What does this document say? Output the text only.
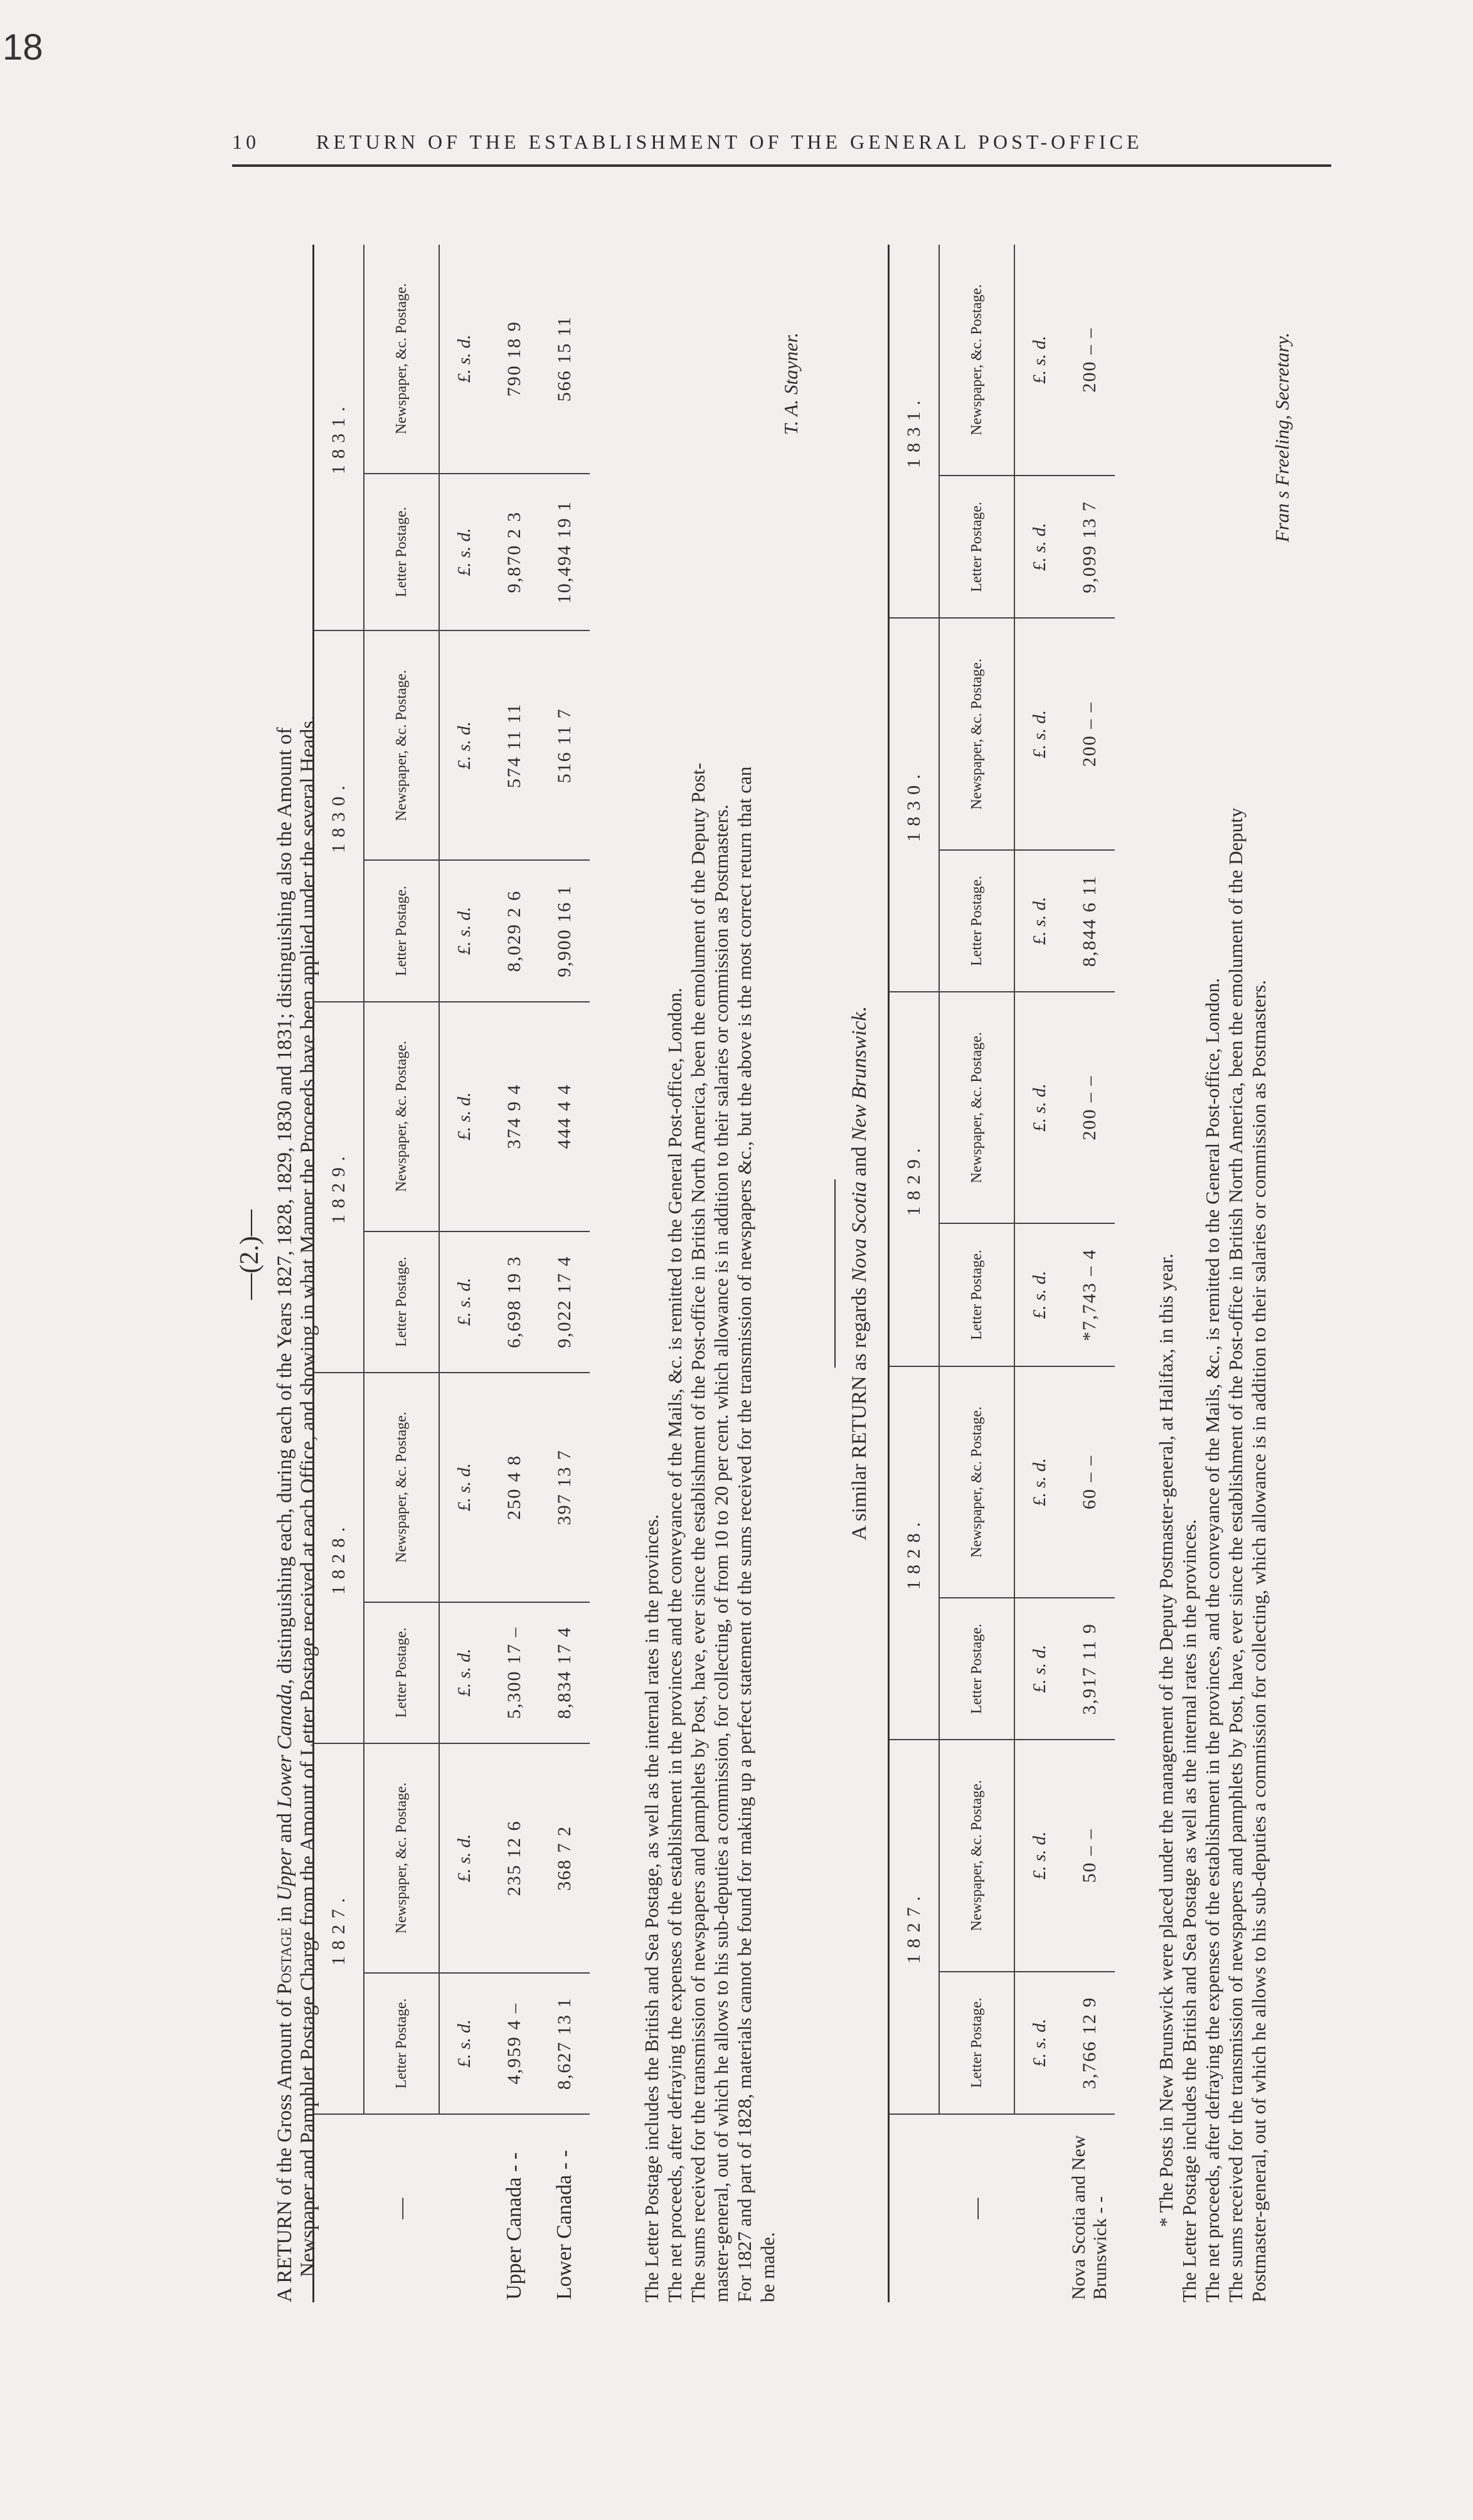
18
10	RETURN OF THE ESTABLISHMENT OF THE GENERAL POST-OFFICE
—(2.)—
A RETURN of the Gross Amount of Postage in Upper and Lower Canada, distinguishing each, during each of the Years 1827, 1828, 1829, 1830 and 1831; distinguishing also the Amount of Newspaper and Pamphlet Postage Charge from the Amount of Letter Postage received at each Office, and showing in what Manner the Proceeds have been applied under the several Heads.	—	1827.		1828.		1829.		1830.		1831.	
	Letter Postage.	Newspaper, &c. Postage.	Letter Postage.	Newspaper, &c. Postage.	Letter Postage.	Newspaper, &c. Postage.	Letter Postage.	Newspaper, &c. Postage.	Letter Postage.	Newspaper, &c. Postage.
	£. s. d.	£. s. d.	£. s. d.	£. s. d.	£. s. d.	£. s. d.	£. s. d.	£. s. d.	£. s. d.	£. s. d.
Upper Canada - -	4,959 4 –	235 12 6	5,300 17 –	250 4 8	6,698 19 3	374 9 4	8,029 2 6	574 11 11	9,870 2 3	790 18 9
Lower Canada - -	8,627 13 1	368 7 2	8,834 17 4	397 13 7	9,022 17 4	444 4 4	9,900 16 1	516 11 7	10,494 19 1	566 15 11

The Letter Postage includes the British and Sea Postage, as well as the internal rates in the provinces. The net proceeds, after defraying the expenses of the establishment in the provinces and the conveyance of the Mails, &c. is remitted to the General Post-office, London. The sums received for the transmission of newspapers and pamphlets by Post, have, ever since the establishment of the Post-office in British North America, been the emolument of the Deputy Post- master-general, out of which he allows to his sub-deputies a commission, for collecting, of from 10 to 20 per cent. which allowance is in addition to their salaries or commission as Postmasters. For 1827 and part of 1828, materials cannot be found for making up a perfect statement of the sums received for the transmission of newspapers &c., but the above is the most correct return that can be made.

T. A. Stayner.

A similar RETURN as regards Nova Scotia and New Brunswick.
—	1827.		1828.		1829.		1830.		1831.	
	Letter Postage.	Newspaper, &c. Postage.	Letter Postage.	Newspaper, &c. Postage.	Letter Postage.	Newspaper, &c. Postage.	Letter Postage.	Newspaper, &c. Postage.	Letter Postage.	Newspaper, &c. Postage.
	£. s. d.	£. s. d.	£. s. d.	£. s. d.	£. s. d.	£. s. d.	£. s. d.	£. s. d.	£. s. d.	£. s. d.
Nova Scotia and New Brunswick - -	3,766 12 9	50 – –	3,917 11 9	60 – –	*7,743 – 4	200 – –	8,844 6 11	200 – –	9,099 13 7	200 – –

* The Posts in New Brunswick were placed under the management of the Deputy Postmaster-general, at Halifax, in this year. The Letter Postage includes the British and Sea Postage as well as the internal rates in the provinces. The net proceeds, after defraying the expenses of the establishment in the provinces, and the conveyance of the Mails, &c., is remitted to the General Post-office, London. The sums received for the transmission of newspapers and pamphlets by Post, have, ever since the establishment of the Post-office in British North America, been the emolument of the Deputy Postmaster-general, out of which he allows to his sub-deputies a commission for collecting, which allowance is in addition to their salaries or commission as Postmasters.

Fran s Freeling, Secretary.
